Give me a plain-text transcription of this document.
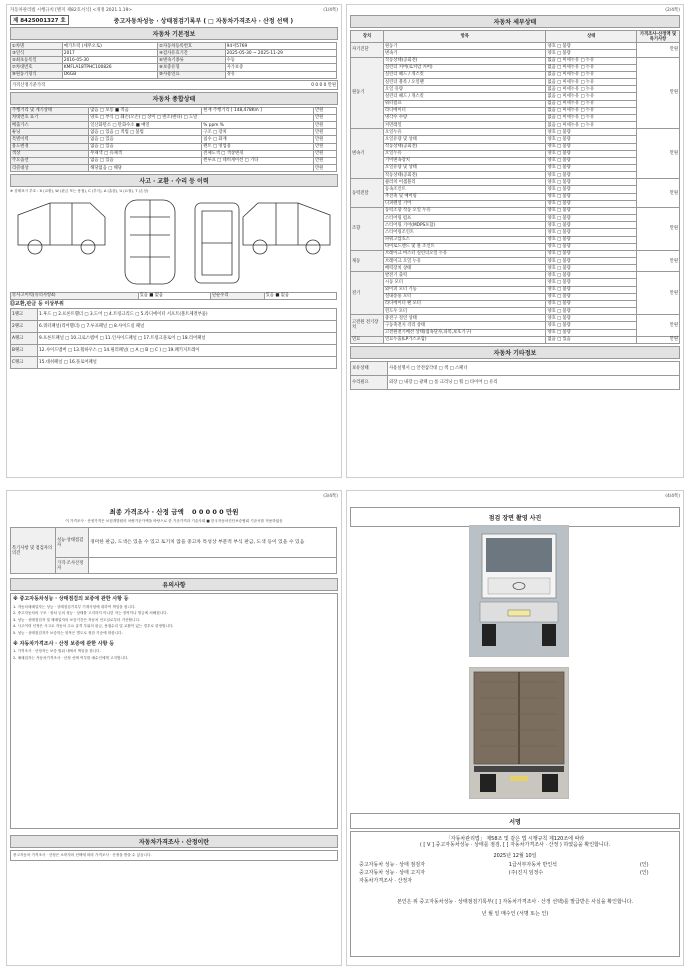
자동차관리법 시행규칙 [별지 제82호서식] <개정 2021.1.19>	(1/4쪽)
제 8425001327 호	중고자동차성능 · 상태점검기록부 ( □ 자동차가격조사 · 산정 선택 )
자동차 기본정보
①차명	메가트럭 (세무오토)	②자동차등록번호	94저5769
③연식	2017	④검사유효기간	2025-05-30 ~ 2025-11-29
⑤최초등록일	2016-05-30	⑥변속기종류	수동
⑦차대번호	KMFLA18TPHC100826	⑧보증유형	자가보증
⑨원동기형식	D6GB	⑩사용연료	경유
가격산정기준가격	0 0 0 0 만원
자동차 종합상태
주행거리 및 계기상태	많음 □ 보통 ■ 적음	현재 주행거리 [ 148,478Km ]	만원
차대번호 표기	양호 □ 부식 □ 훼손(오손) □ 상이 □ 변조(변타) □ 도말		만원
배출가스	일산화탄소 □ 탄화수소 ■ 매연	% ppm %	만원
튜닝	없음 □ 있음 □ 적법 □ 불법	구조 □ 장치	만원
특별이력	없음 □ 있음	침수 □ 화재	만원
용도변경	없음 □ 있음	렌트 □ 영업용	만원
색상	무채색 □ 유채색	전체도색 □ 색상변경	만원
주요옵션	없음 □ 있음	썬루프 □ 네비게이션 □ 기타	만원
리콜대상	해당없음 □ 해당		만원
사고 · 교환 · 수리 등 이력
※ 상태표시 부호 : X (교환), W (판금 또는 용접), C (부식), A (흠집), U (요철), T (손상)
⑪사고이력(유의사항4)	있음 ■ 없음	단순수리	있음 ■ 없음
⑫교환,판금 등 이상부위
1랭크	1.후드 □ 2.프론트휀더 □ 3.도어 □ 4.트렁크리드 □ 5.라디에이터 서포트(볼트체결부품)
2랭크	6.쿼터패널(리어휀더) □ 7.루프패널 □ 8.사이드실 패널
A랭크	9.프론트패널 □ 10.크로스멤버 □ 11.인사이드패널 □ 17.트렁크플로어 □ 18.리어패널
B랭크	12.사이드멤버 □ 13.휠하우스 □ 14.필러패널( □ A □ B □ C ) □ 19.패키지트레이
C랭크	15.대쉬패널 □ 16.플로어패널
(2/4쪽)
자동차 세부상태
장치	항목	상태	가격조사·산정액 및 특기사항
자기진단	원동기	양호 □ 불량	만원
	변속기	양호 □ 불량	
원동기	작동상태(공회전)	없음 □ 미세누유 □ 누유	만원
	실린더 커버(로커암 커버)	없음 □ 미세누유 □ 누유	
	실린더 헤드 / 개스킷	없음 □ 미세누유 □ 누유	
	실린더 블록 / 오일팬	없음 □ 미세누유 □ 누유	
	오일 유량	없음 □ 미세누유 □ 누유	
	실린더 헤드 / 개스킷	없음 □ 미세누유 □ 누유	
	워터펌프	없음 □ 미세누유 □ 누유	
	라디에이터	없음 □ 미세누유 □ 누유	
	냉각수 수량	없음 □ 미세누유 □ 누유	
	커먼레일	없음 □ 미세누유 □ 누유	
변속기	오일누유	양호 □ 불량	만원
	오일유량 및 상태	양호 □ 불량	
	작동상태(공회전)	양호 □ 불량	
	오일누유	양호 □ 불량	
	기어변속장치	양호 □ 불량	
	오일유량 및 상태	양호 □ 불량	
	작동상태(공회전)	양호 □ 불량	
동력전달	클러치 어셈블리	양호 □ 불량	만원
	등속조인트	양호 □ 불량	
	추진축 및 베어링	양호 □ 불량	
	디퍼렌셜 기어	양호 □ 불량	
조향	동력조향 작동 오일 누유	양호 □ 불량	만원
	스티어링 펌프	양호 □ 불량	
	스티어링 기어(MDPS포함)	양호 □ 불량	
	스티어링조인트	양호 □ 불량	
	파워고압호스	양호 □ 불량	
	타이로드엔드 및 볼 조인트	양호 □ 불량	
제동	브레이크 마스터 실린더오일 누유	양호 □ 불량	만원
	브레이크 오일 누유	양호 □ 불량	
	배력장치 상태	양호 □ 불량	
전기	발전기 출력	양호 □ 불량	만원
	시동 모터	양호 □ 불량	
	와이퍼 모터 기능	양호 □ 불량	
	실내송풍 모터	양호 □ 불량	
	라디에이터 팬 모터	양호 □ 불량	
	윈도우 모터	양호 □ 불량	
고전원 전기장치	충전구 절연 상태	양호 □ 불량	만원
	구동축전지 격리 상태	양호 □ 불량	
	고전원전기배선 상태(접속단자,피복,보호기구)	양호 □ 불량	
연료	연료누출(LP가스포함)	없음 □ 있음	만원
자동차 기타정보
보유상태	사용설명서 □ 안전삼각대 □ 잭 □ 스패너
수리필요	외장 □ 내장 □ 광택 □ 룸 크리닝 □ 휠 □ 타이어 □ 유리
(3/4쪽)
최종 가격조사 · 산정 금액 0 0 0 0 0 만원
이 가격조사 · 산정가격은 보험개발원의 차량기준가액을 바탕으로 한 기준가격과 기술사회 ■ 한국자동차진단보증협회 기준서를 적용하였음
특기사항 및 점검자의 의견	성능·상태점검자	경미한 판금, 도색은 있을 수 있고 토기치 않을 중고차 특성상 부분적 부식 판금, 도색 등이 있을 수 있음
	가격·조사산정자	
유의사항
※ 중고자동차성능 · 상태점검의 보증에 관한 사항 등
1. 자동차매매업자는 성능 · 상태점검기록부 기재사항에 대하여 책임을 집니다.
2. 중고자동차의 구조 · 장치 등의 성능 · 상태를 고지하지 아니한 자는 징역이나 벌금에 처해집니다.
3. 성능 · 상태점검자 및 매매업자의 보증기간은 자동차 인도일로부터 기산합니다.
4. 사고이력 인정은 사고로 자동차 주요 골격 부위의 판금, 용접수리 및 교환이 있는 경우로 한정합니다.
5. 성능 · 상태점검자가 보증하는 항목은 별도로 정한 기준에 따릅니다.
※ 자동차가격조사 · 산정 보증에 관한 사항 등
1. 가격조사 · 산정자는 보증 범위 내에서 책임을 집니다.
2. 매매업자는 자동차가격조사 · 산정 선택 여부를 매수인에게 고지합니다.
자동차가격조사 · 산정이란
중고자동차 가격조사 · 산정은 소비자의 선택에 따라 가격조사 · 산정을 받을 수 있습니다.
(4/4쪽)
점검 장면 촬영 사진
서명
「자동차관리법」 제58조 및 같은 법 시행규칙 제120조에 따라
( [ V ] 중고자동차성능 · 상태를 점검, [ ] 자동차가격조사 · 산정 ) 하였음을 확인합니다.
2025년 12월 10일
중고자동차 성능 · 상태 점검자	1급서부자동차 반인석	(인)
중고자동차 성능 · 상태 고지자	(주)진지 임정수	(인)
자동차가격조사 · 산정자
본인은 위 중고자동차성능 · 상태점검기록부( [ ] 자동차가격조사 · 산정 선택)를 발급받은 사실을 확인합니다.
년 월 일 매수인 (서명 또는 인)
